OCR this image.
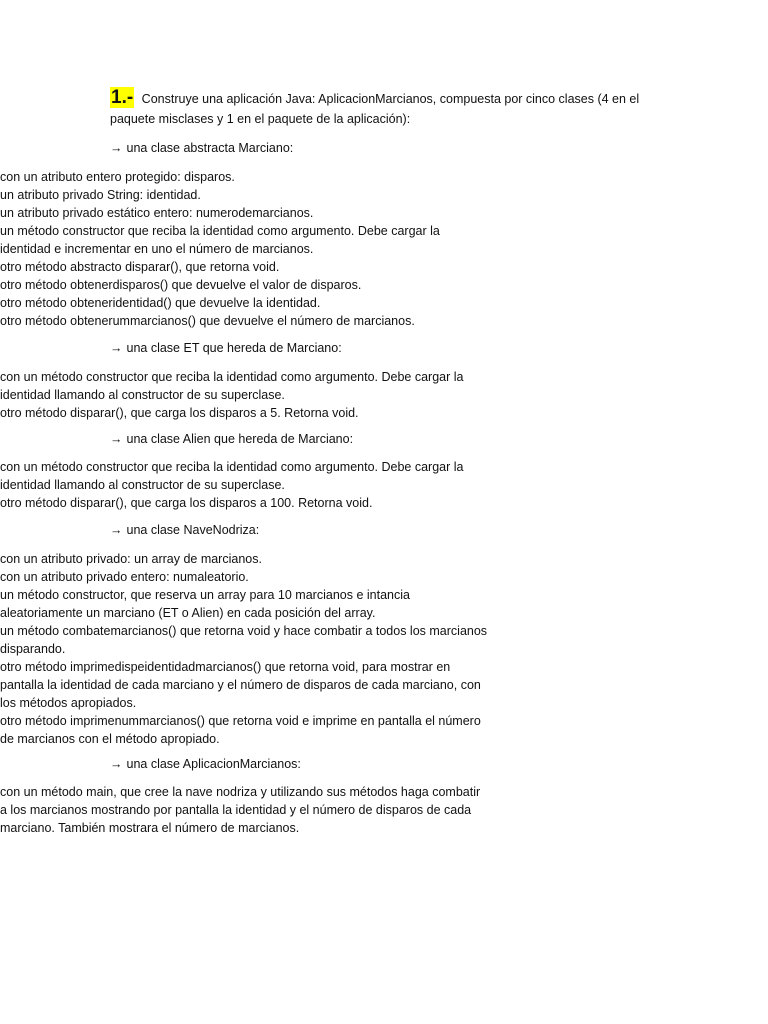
1.- Construye una aplicación Java: AplicacionMarcianos, compuesta por cinco clases (4 en el paquete misclases y 1 en el paquete de la aplicación):
→ una clase abstracta Marciano:
• con un atributo entero protegido: disparos.
• un atributo privado String: identidad.
• un atributo privado estático entero: numerodemarcianos.
• un método constructor que reciba la identidad como argumento. Debe cargar la identidad e incrementar en uno el número de marcianos.
• otro método abstracto disparar(), que retorna void.
• otro método obtenerdisparos() que devuelve el valor de disparos.
• otro método obteneridentidad() que devuelve la identidad.
• otro método obtenerummarcianos() que devuelve el número de marcianos.
→ una clase ET que hereda de Marciano:
• con un método constructor que reciba la identidad como argumento. Debe cargar la identidad llamando al constructor de su superclase.
• otro método disparar(), que carga los disparos a 5. Retorna void.
→ una clase Alien que hereda de Marciano:
• con un método constructor que reciba la identidad como argumento. Debe cargar la identidad llamando al constructor de su superclase.
• otro método disparar(), que carga los disparos a 100. Retorna void.
→ una clase NaveNodriza:
• con un atributo privado: un array de marcianos.
• con un atributo privado entero: numaleatorio.
• un método constructor, que reserva un array para 10 marcianos e intancia aleatoriamente un marciano (ET o Alien) en cada posición del array.
• un método combatemarcianos() que retorna void y hace combatir a todos los marcianos disparando.
• otro método imprimedispeidentidadmarcianos() que retorna void, para mostrar en pantalla la identidad de cada marciano y el número de disparos de cada marciano, con los métodos apropiados.
• otro método imprimenummarcianos() que retorna void e imprime en pantalla el número de marcianos con el método apropiado.
→ una clase AplicacionMarcianos:
• con un método main, que cree la nave nodriza y utilizando sus métodos haga combatir a los marcianos mostrando por pantalla la identidad y el número de disparos de cada marciano. También mostrara el número de marcianos.
